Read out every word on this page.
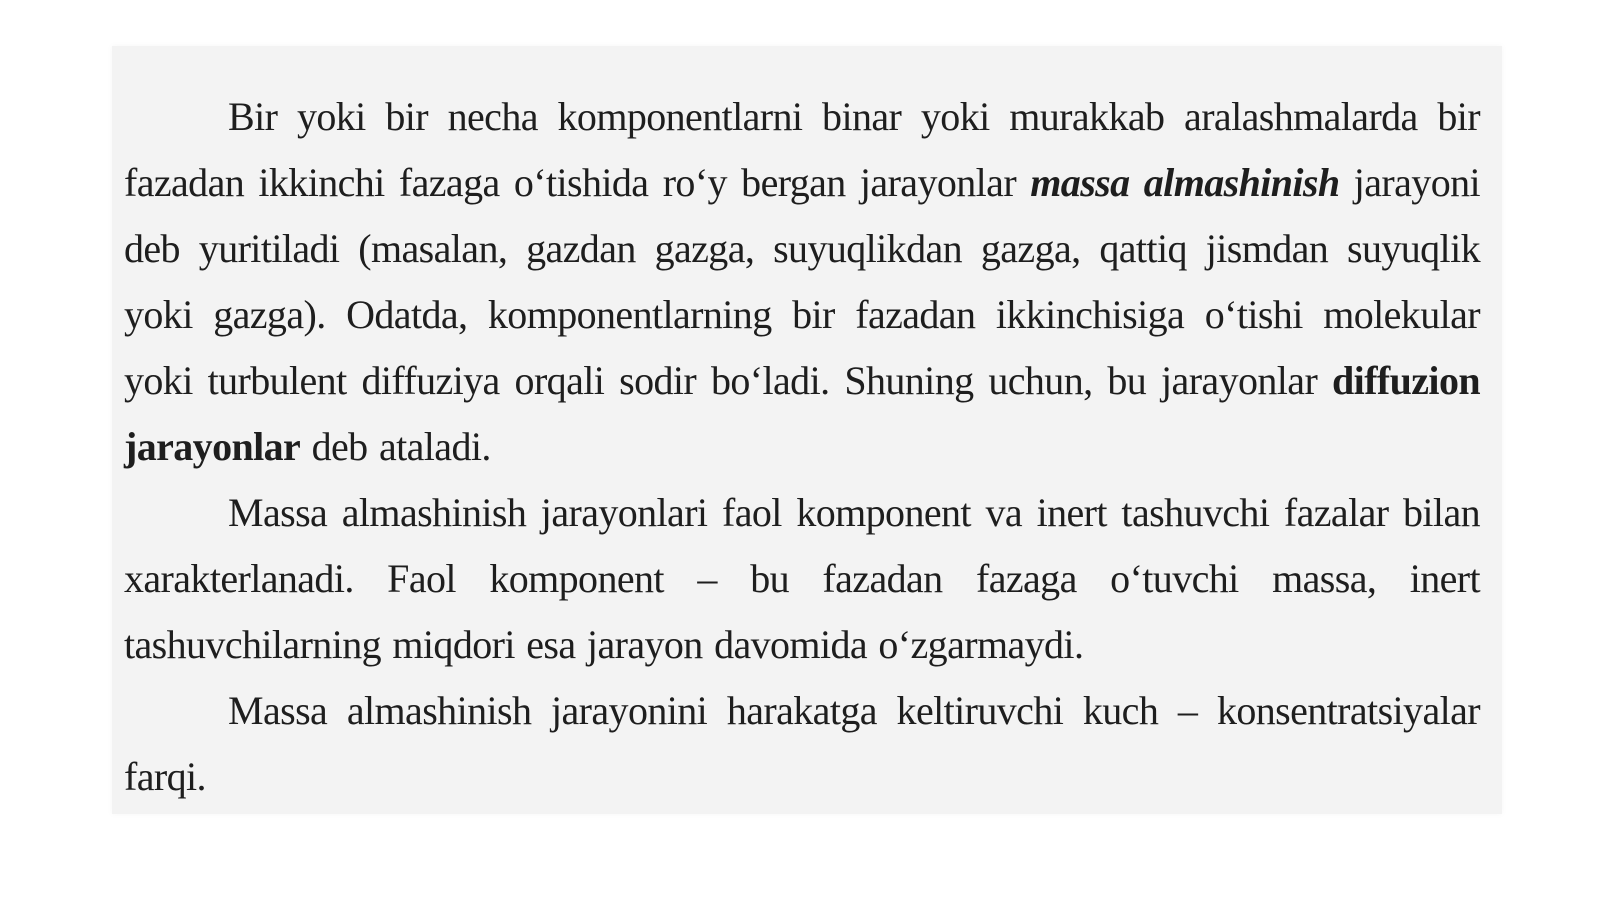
Bir yoki bir necha komponentlarni binar yoki murakkab aralashmalarda bir fazadan ikkinchi fazaga o‘tishida ro‘y bergan jarayonlar massa almashinish jarayoni deb yuritiladi (masalan, gazdan gazga, suyuqlikdan gazga, qattiq jismdan suyuqlik yoki gazga). Odatda, komponentlarning bir fazadan ikkinchisiga o‘tishi molekular yoki turbulent diffuziya orqali sodir bo‘ladi. Shuning uchun, bu jarayonlar diffuzion jarayonlar deb ataladi.

Massa almashinish jarayonlari faol komponent va inert tashuvchi fazalar bilan xarakterlanadi. Faol komponent – bu fazadan fazaga o‘tuvchi massa, inert tashuvchilarning miqdori esa jarayon davomida o‘zgarmaydi.

Massa almashinish jarayonini harakatga keltiruvchi kuch – konsentratsiyalar farqi.
